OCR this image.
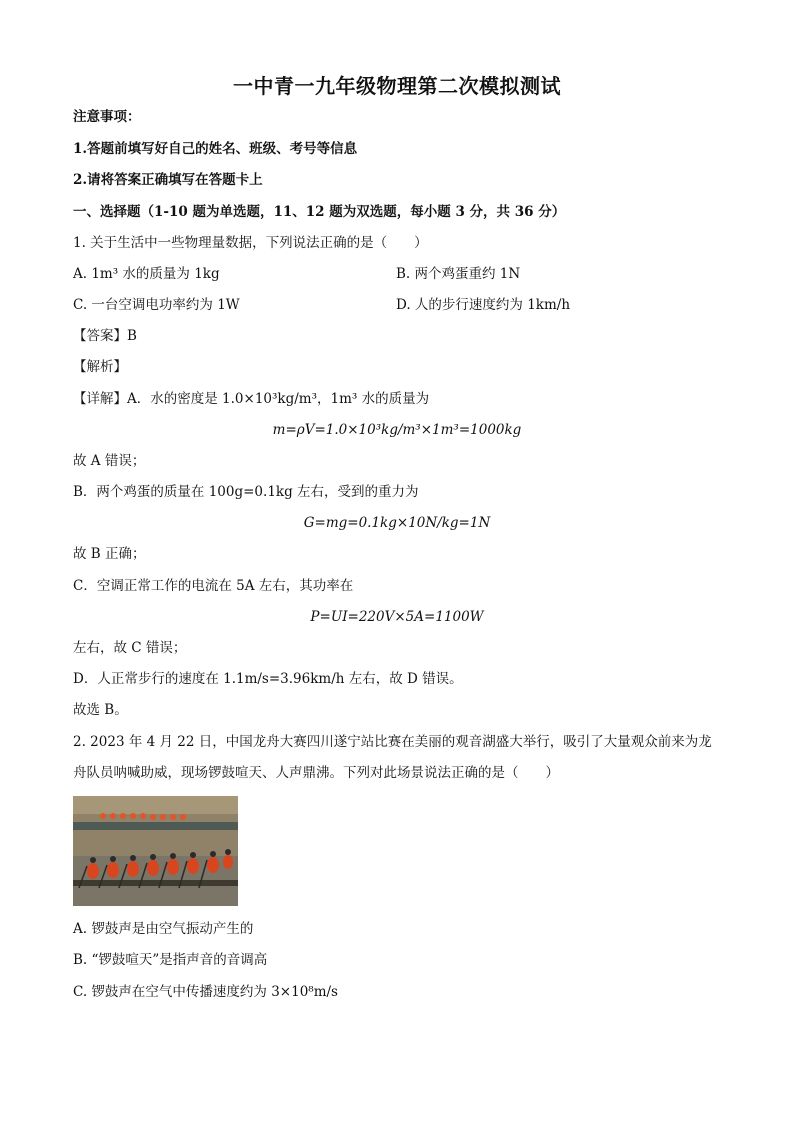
一中青一九年级物理第二次模拟测试
注意事项：
1.答题前填写好自己的姓名、班级、考号等信息
2.请将答案正确填写在答题卡上
一、选择题（1-10 题为单选题，11、12 题为双选题，每小题 3 分，共 36 分）
1. 关于生活中一些物理量数据，下列说法正确的是（　　）
A. 1m³ 水的质量为 1kg	B. 两个鸡蛋重约 1N
C. 一台空调电功率约为 1W	D. 人的步行速度约为 1km/h
【答案】B
【解析】
【详解】A．水的密度是 1.0×10³kg/m³，1m³ 水的质量为
m=ρV=1.0×10³kg/m³×1m³=1000kg
故 A 错误；
B．两个鸡蛋的质量在 100g=0.1kg 左右，受到的重力为
G=mg=0.1kg×10N/kg=1N
故 B 正确；
C．空调正常工作的电流在 5A 左右，其功率在
P=UI=220V×5A=1100W
左右，故 C 错误；
D．人正常步行的速度在 1.1m/s=3.96km/h 左右，故 D 错误。
故选 B。
2. 2023 年 4 月 22 日，中国龙舟大赛四川遂宁站比赛在美丽的观音湖盛大举行，吸引了大量观众前来为龙
舟队员呐喊助威，现场锣鼓喧天、人声鼎沸。下列对此场景说法正确的是（　　）
A. 锣鼓声是由空气振动产生的
B. “锣鼓喧天”是指声音的音调高
C. 锣鼓声在空气中传播速度约为 3×10⁸m/s
